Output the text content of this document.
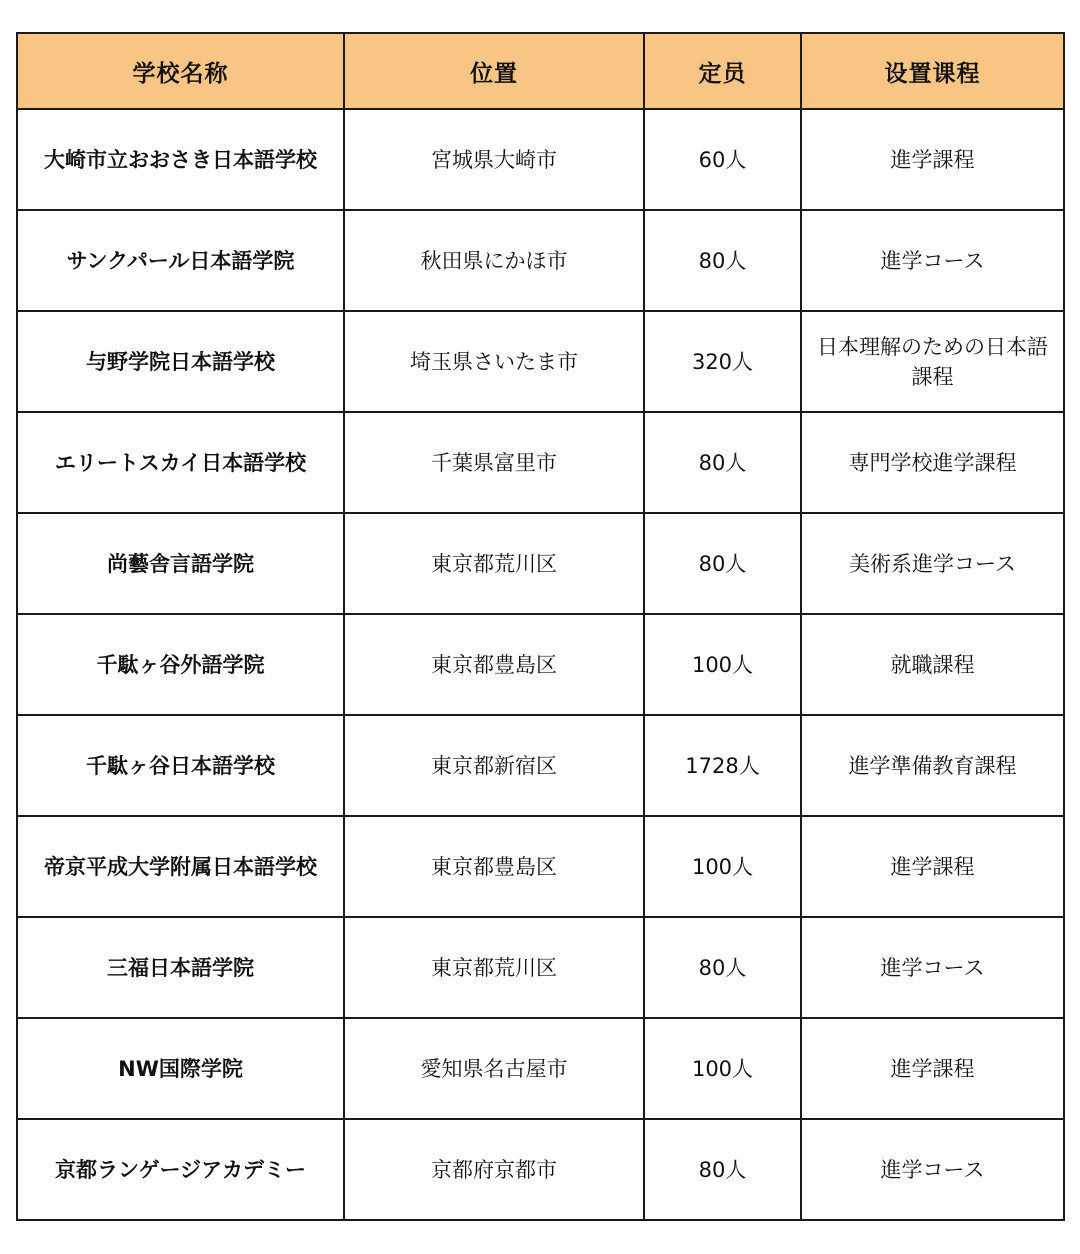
学校名称	位置	定员	设置课程
大崎市立おおさき日本語学校	宮城県大崎市	60人	進学課程
サンクパール日本語学院	秋田県にかほ市	80人	進学コース
与野学院日本語学校	埼玉県さいたま市	320人	日本理解のための日本語課程
エリートスカイ日本語学校	千葉県富里市	80人	専門学校進学課程
尚藝舎言語学院	東京都荒川区	80人	美術系進学コース
千駄ヶ谷外語学院	東京都豊島区	100人	就職課程
千駄ヶ谷日本語学校	東京都新宿区	1728人	進学準備教育課程
帝京平成大学附属日本語学校	東京都豊島区	100人	進学課程
三福日本語学院	東京都荒川区	80人	進学コース
NW国際学院	愛知県名古屋市	100人	進学課程
京都ランゲージアカデミー	京都府京都市	80人	進学コース
